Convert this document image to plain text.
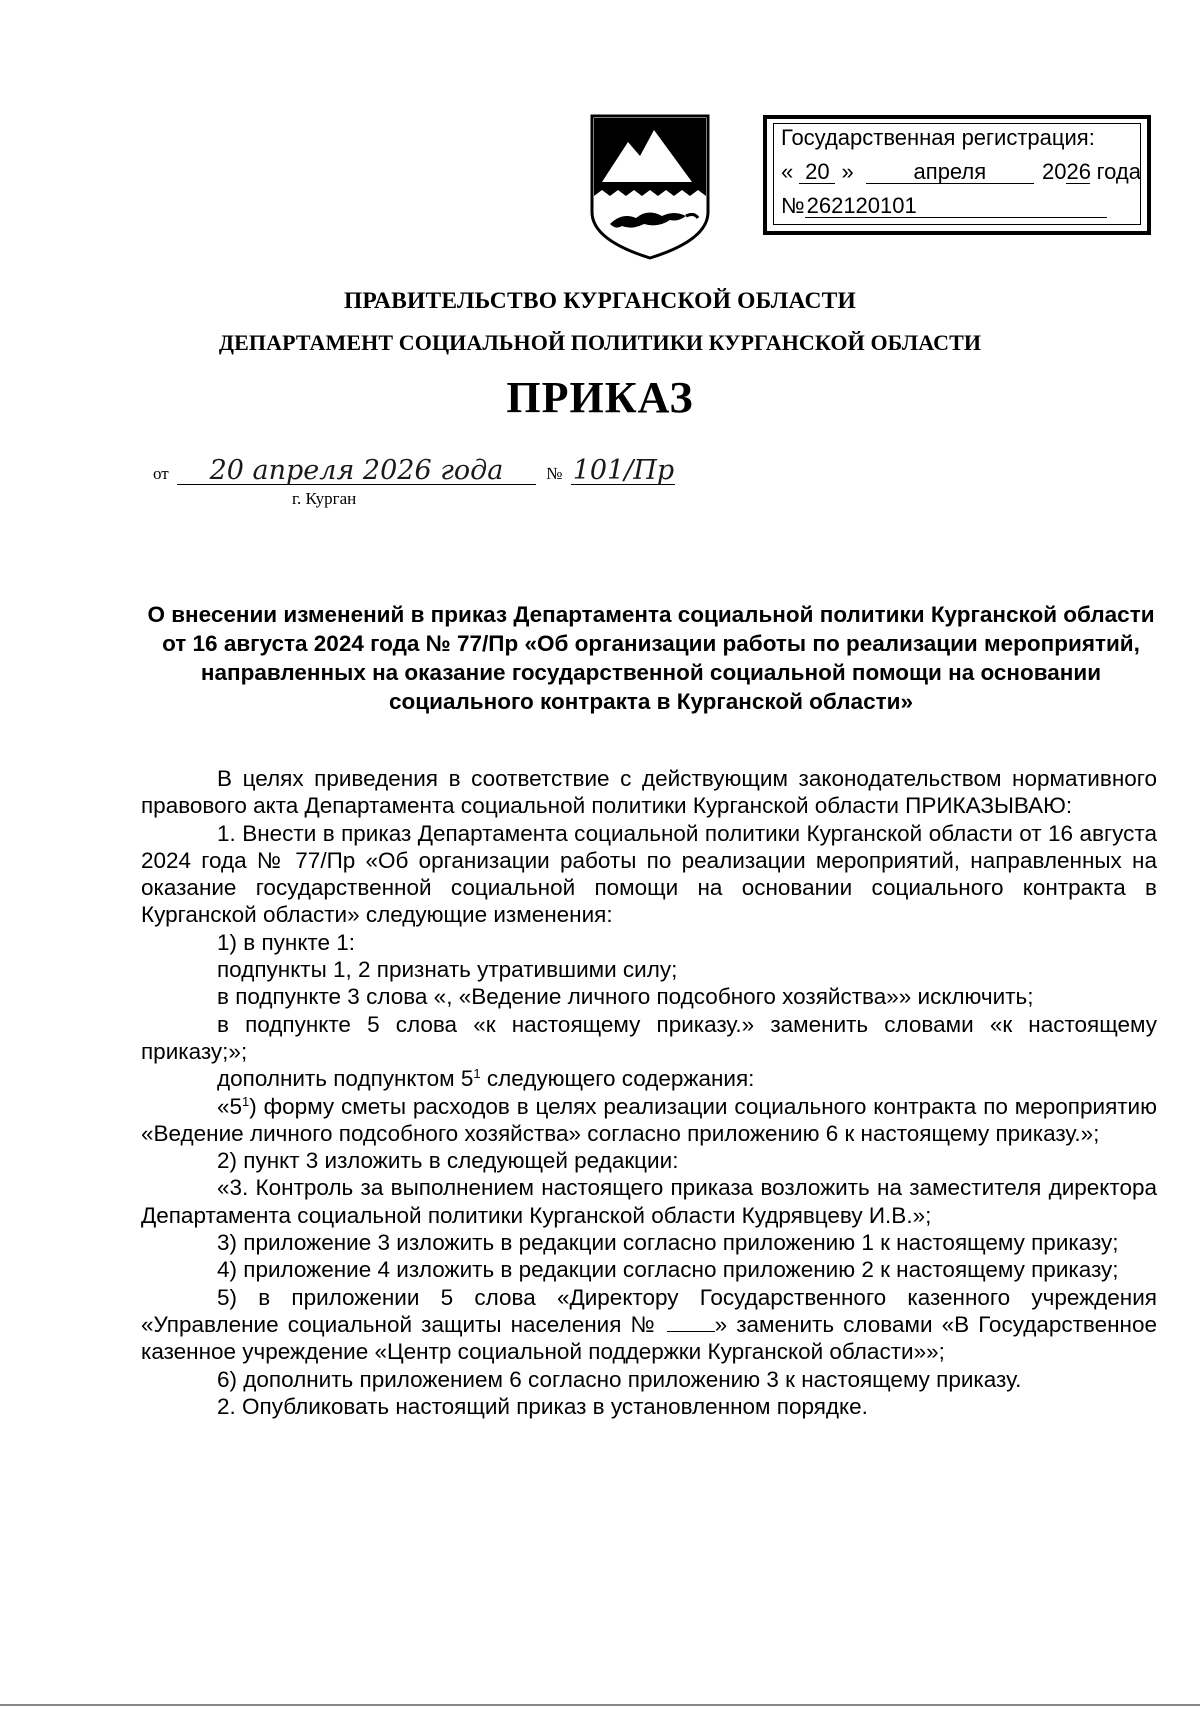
Государственная регистрация:
« 20 »	апреля	2026 года
№262120101
ПРАВИТЕЛЬСТВО КУРГАНСКОЙ ОБЛАСТИ
ДЕПАРТАМЕНТ СОЦИАЛЬНОЙ ПОЛИТИКИ КУРГАНСКОЙ ОБЛАСТИ
ПРИКАЗ
от 20 апреля 2026 года	№ 101/Пр
г. Курган
О внесении изменений в приказ Департамента социальной политики Курганской области от 16 августа 2024 года № 77/Пр «Об организации работы по реализации мероприятий, направленных на оказание государственной социальной помощи на основании социального контракта в Курганской области»

В целях приведения в соответствие с действующим законодательством нормативного правового акта Департамента социальной политики Курганской области ПРИКАЗЫВАЮ:

1. Внести в приказ Департамента социальной политики Курганской области от 16 августа 2024 года № 77/Пр «Об организации работы по реализации мероприятий, направленных на оказание государственной социальной помощи на основании социального контракта в Курганской области» следующие изменения:

1) в пункте 1:

подпункты 1, 2 признать утратившими силу;

в подпункте 3 слова «, «Ведение личного подсобного хозяйства»» исключить;

в подпункте 5 слова «к настоящему приказу.» заменить словами «к настоящему приказу;»;

дополнить подпунктом $5^1$ следующего содержания:

«$5^1$) форму сметы расходов в целях реализации социального контракта по мероприятию «Ведение личного подсобного хозяйства» согласно приложению 6 к настоящему приказу.»;

2) пункт 3 изложить в следующей редакции:

«3. Контроль за выполнением настоящего приказа возложить на заместителя директора Департамента социальной политики Курганской области Кудрявцеву И.В.»;

3) приложение 3 изложить в редакции согласно приложению 1 к настоящему приказу;

4) приложение 4 изложить в редакции согласно приложению 2 к настоящему приказу;

5) в приложении 5 слова «Директору Государственного казенного учреждения «Управление социальной защиты населения №	» заменить словами «В Государственное казенное учреждение «Центр социальной поддержки Курганской области»»;

6) дополнить приложением 6 согласно приложению 3 к настоящему приказу.

2. Опубликовать настоящий приказ в установленном порядке.
